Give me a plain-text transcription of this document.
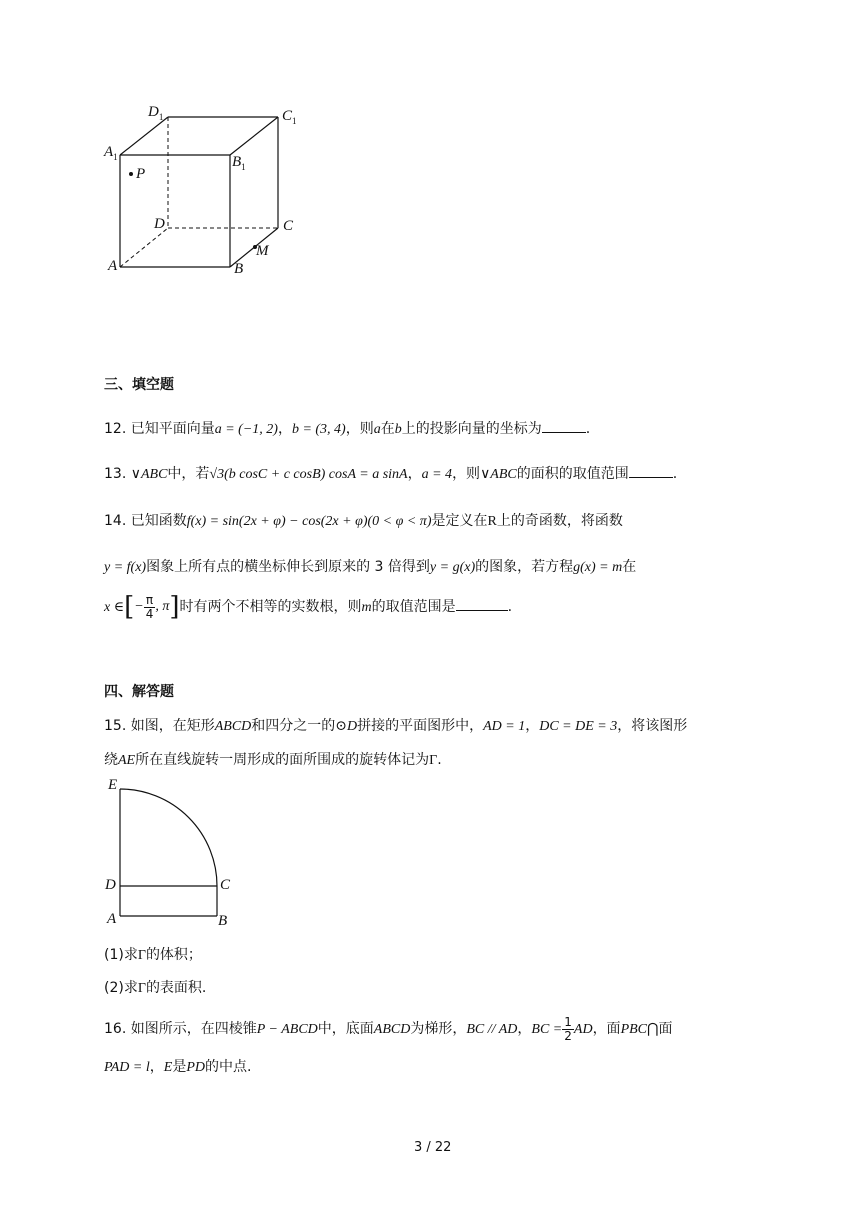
$D_1$	$C_1$
$A_1$	$B_1$
P
D	C
A	B
M
三、填空题
12. 已知平面向量a = (−1, 2)，b = (3, 4)，则a在b上的投影向量的坐标为	.
13. ∨ABC中，若√3(b cosC + c cosB) cosA = a sinA，a = 4，则∨ABC的面积的取值范围	.
14. 已知函数f(x) = sin(2x + φ) − cos(2x + φ)(0 < φ < π)是定义在R上的奇函数，将函数
y = f(x)图象上所有点的横坐标伸长到原来的 3 倍得到y = g(x)的图象，若方程g(x) = m在
x ∈[− $\frac{\pi}{4}$ , π]时有两个不相等的实数根，则m的取值范围是	.
四、解答题
15. 如图，在矩形ABCD和四分之一的⊙D拼接的平面图形中，AD = 1，DC = DE = 3，将该图形
绕AE所在直线旋转一周形成的面所围成的旋转体记为Γ.
E
D	C
A	B
(1)求Γ的体积；
(2)求Γ的表面积.
16. 如图所示，在四棱锥P − ABCD中，底面ABCD为梯形，BC // AD，BC = $\frac{1}{2}$ AD，面PBC⋂面
PAD = l，E是PD的中点.
3 / 22
